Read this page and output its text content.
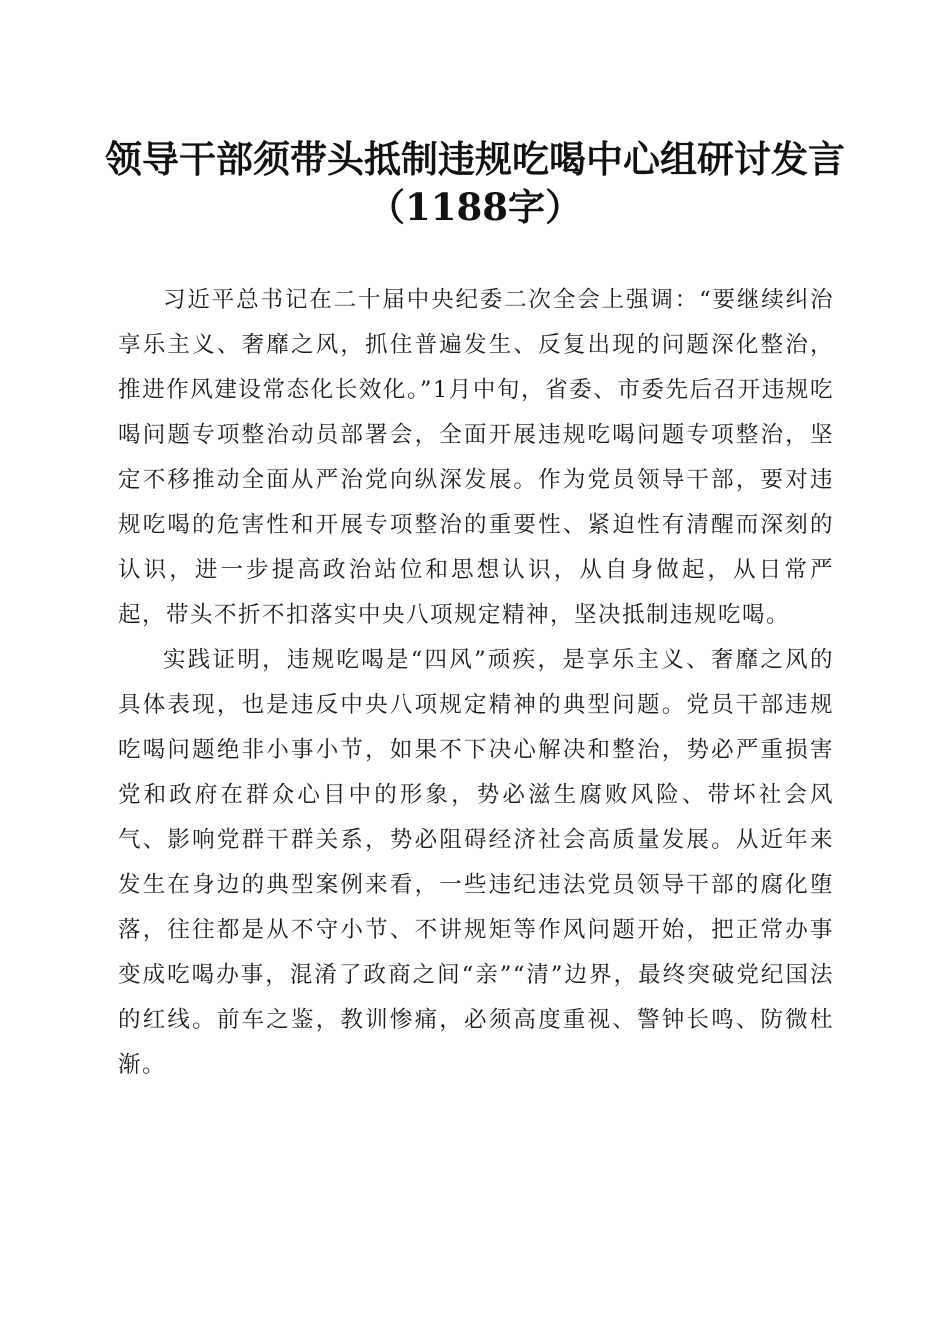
领导干部须带头抵制违规吃喝中心组研讨发言
（1188字）

习近平总书记在二十届中央纪委二次全会上强调：“要继续纠治享乐主义、奢靡之风，抓住普遍发生、反复出现的问题深化整治，推进作风建设常态化长效化。”1月中旬，省委、市委先后召开违规吃喝问题专项整治动员部署会，全面开展违规吃喝问题专项整治，坚定不移推动全面从严治党向纵深发展。作为党员领导干部，要对违规吃喝的危害性和开展专项整治的重要性、紧迫性有清醒而深刻的认识，进一步提高政治站位和思想认识，从自身做起，从日常严起，带头不折不扣落实中央八项规定精神，坚决抵制违规吃喝。

实践证明，违规吃喝是“四风”顽疾，是享乐主义、奢靡之风的具体表现，也是违反中央八项规定精神的典型问题。党员干部违规吃喝问题绝非小事小节，如果不下决心解决和整治，势必严重损害党和政府在群众心目中的形象，势必滋生腐败风险、带坏社会风气、影响党群干群关系，势必阻碍经济社会高质量发展。从近年来发生在身边的典型案例来看，一些违纪违法党员领导干部的腐化堕落，往往都是从不守小节、不讲规矩等作风问题开始，把正常办事变成吃喝办事，混淆了政商之间“亲”“清”边界，最终突破党纪国法的红线。前车之鉴，教训惨痛，必须高度重视、警钟长鸣、防微杜渐。
